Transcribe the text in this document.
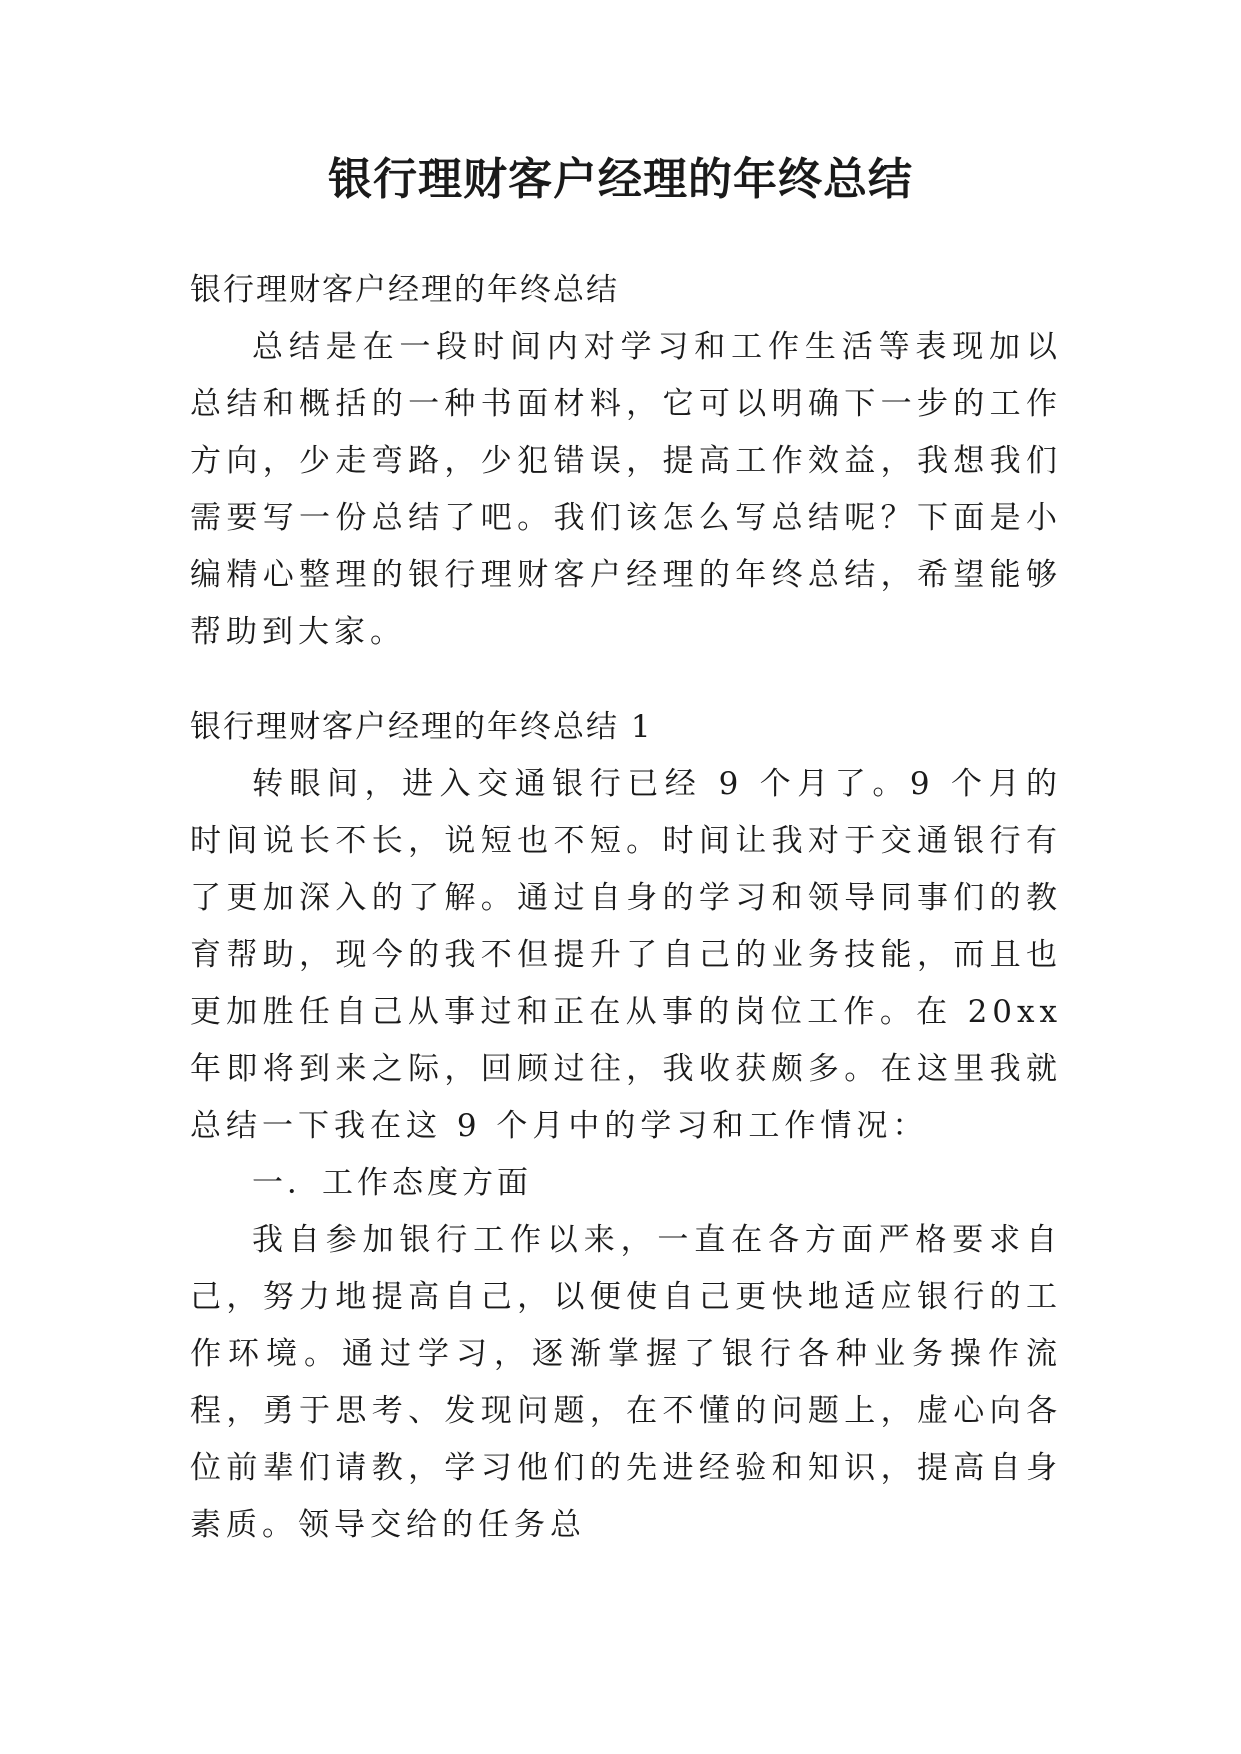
银行理财客户经理的年终总结

银行理财客户经理的年终总结

总结是在一段时间内对学习和工作生活等表现加以总结和概括的一种书面材料，它可以明确下一步的工作方向，少走弯路，少犯错误，提高工作效益，我想我们需要写一份总结了吧。我们该怎么写总结呢？下面是小编精心整理的银行理财客户经理的年终总结，希望能够帮助到大家。

银行理财客户经理的年终总结 1

转眼间，进入交通银行已经 9 个月了。9 个月的时间说长不长，说短也不短。时间让我对于交通银行有了更加深入的了解。通过自身的学习和领导同事们的教育帮助，现今的我不但提升了自己的业务技能，而且也更加胜任自己从事过和正在从事的岗位工作。在 20xx 年即将到来之际，回顾过往，我收获颇多。在这里我就总结一下我在这 9 个月中的学习和工作情况：

一．工作态度方面

我自参加银行工作以来，一直在各方面严格要求自己，努力地提高自己，以便使自己更快地适应银行的工作环境。通过学习，逐渐掌握了银行各种业务操作流程，勇于思考、发现问题，在不懂的问题上，虚心向各位前辈们请教，学习他们的先进经验和知识，提高自身素质。领导交给的任务总
